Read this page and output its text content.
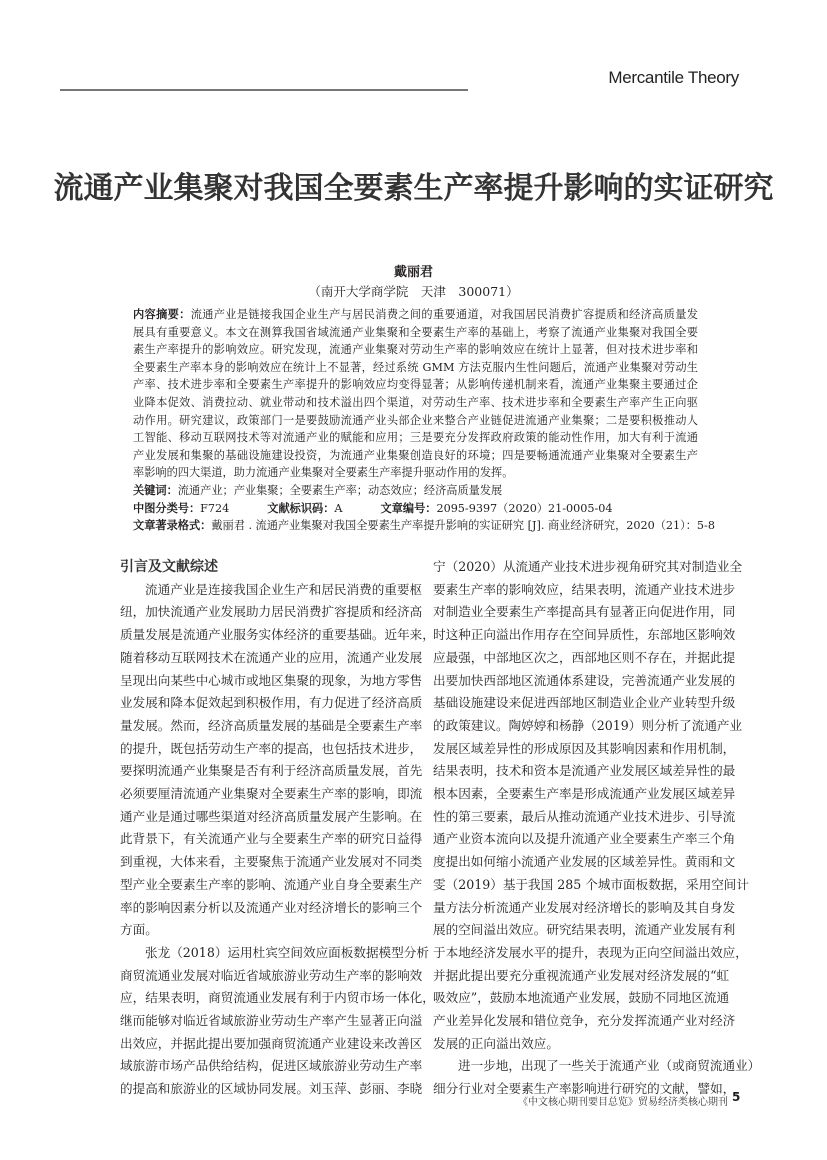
Mercantile Theory
流通产业集聚对我国全要素生产率提升影响的实证研究
戴丽君
（南开大学商学院　天津　300071）
内容摘要：流通产业是链接我国企业生产与居民消费之间的重要通道，对我国居民消费扩容提质和经济高质量发
展具有重要意义。本文在测算我国省域流通产业集聚和全要素生产率的基础上，考察了流通产业集聚对我国全要
素生产率提升的影响效应。研究发现，流通产业集聚对劳动生产率的影响效应在统计上显著，但对技术进步率和
全要素生产率本身的影响效应在统计上不显著，经过系统 GMM 方法克服内生性问题后，流通产业集聚对劳动生
产率、技术进步率和全要素生产率提升的影响效应均变得显著；从影响传递机制来看，流通产业集聚主要通过企
业降本促效、消费拉动、就业带动和技术溢出四个渠道，对劳动生产率、技术进步率和全要素生产率产生正向驱
动作用。研究建议，政策部门一是要鼓励流通产业头部企业来整合产业链促进流通产业集聚；二是要积极推动人
工智能、移动互联网技术等对流通产业的赋能和应用；三是要充分发挥政府政策的能动性作用，加大有利于流通
产业发展和集聚的基础设施建设投资，为流通产业集聚创造良好的环境；四是要畅通流通产业集聚对全要素生产
率影响的四大渠道，助力流通产业集聚对全要素生产率提升驱动作用的发挥。
关键词：流通产业；产业集聚；全要素生产率；动态效应；经济高质量发展
中图分类号：F724	文献标识码：A	文章编号：2095-9397（2020）21-0005-04
文章著录格式：戴丽君 . 流通产业集聚对我国全要素生产率提升影响的实证研究 [J]. 商业经济研究，2020（21）：5-8
引言及文献综述
流通产业是连接我国企业生产和居民消费的重要枢
纽，加快流通产业发展助力居民消费扩容提质和经济高
质量发展是流通产业服务实体经济的重要基础。近年来，
随着移动互联网技术在流通产业的应用，流通产业发展
呈现出向某些中心城市或地区集聚的现象，为地方零售
业发展和降本促效起到积极作用，有力促进了经济高质
量发展。然而，经济高质量发展的基础是全要素生产率
的提升，既包括劳动生产率的提高，也包括技术进步，
要探明流通产业集聚是否有利于经济高质量发展，首先
必须要厘清流通产业集聚对全要素生产率的影响，即流
通产业是通过哪些渠道对经济高质量发展产生影响。在
此背景下，有关流通产业与全要素生产率的研究日益得
到重视，大体来看，主要聚焦于流通产业发展对不同类
型产业全要素生产率的影响、流通产业自身全要素生产
率的影响因素分析以及流通产业对经济增长的影响三个
方面。
张龙（2018）运用杜宾空间效应面板数据模型分析
商贸流通业发展对临近省域旅游业劳动生产率的影响效
应，结果表明，商贸流通业发展有利于内贸市场一体化，
继而能够对临近省域旅游业劳动生产率产生显著正向溢
出效应，并据此提出要加强商贸流通产业建设来改善区
域旅游市场产品供给结构，促进区域旅游业劳动生产率
的提高和旅游业的区域协同发展。刘玉萍、彭丽、李晓
宁（2020）从流通产业技术进步视角研究其对制造业全
要素生产率的影响效应，结果表明，流通产业技术进步
对制造业全要素生产率提高具有显著正向促进作用，同
时这种正向溢出作用存在空间异质性，东部地区影响效
应最强，中部地区次之，西部地区则不存在，并据此提
出要加快西部地区流通体系建设，完善流通产业发展的
基础设施建设来促进西部地区制造业企业产业转型升级
的政策建议。陶婷婷和杨静（2019）则分析了流通产业
发展区域差异性的形成原因及其影响因素和作用机制，
结果表明，技术和资本是流通产业发展区域差异性的最
根本因素，全要素生产率是形成流通产业发展区域差异
性的第三要素，最后从推动流通产业技术进步、引导流
通产业资本流向以及提升流通产业全要素生产率三个角
度提出如何缩小流通产业发展的区域差异性。黄雨和文
雯（2019）基于我国 285 个城市面板数据，采用空间计
量方法分析流通产业发展对经济增长的影响及其自身发
展的空间溢出效应。研究结果表明，流通产业发展有利
于本地经济发展水平的提升，表现为正向空间溢出效应，
并据此提出要充分重视流通产业发展对经济发展的“虹
吸效应”，鼓励本地流通产业发展，鼓励不同地区流通
产业差异化发展和错位竞争，充分发挥流通产业对经济
发展的正向溢出效应。
进一步地，出现了一些关于流通产业（或商贸流通业）
细分行业对全要素生产率影响进行研究的文献，譬如，
《中文核心期刊要目总览》贸易经济类核心期刊 5
